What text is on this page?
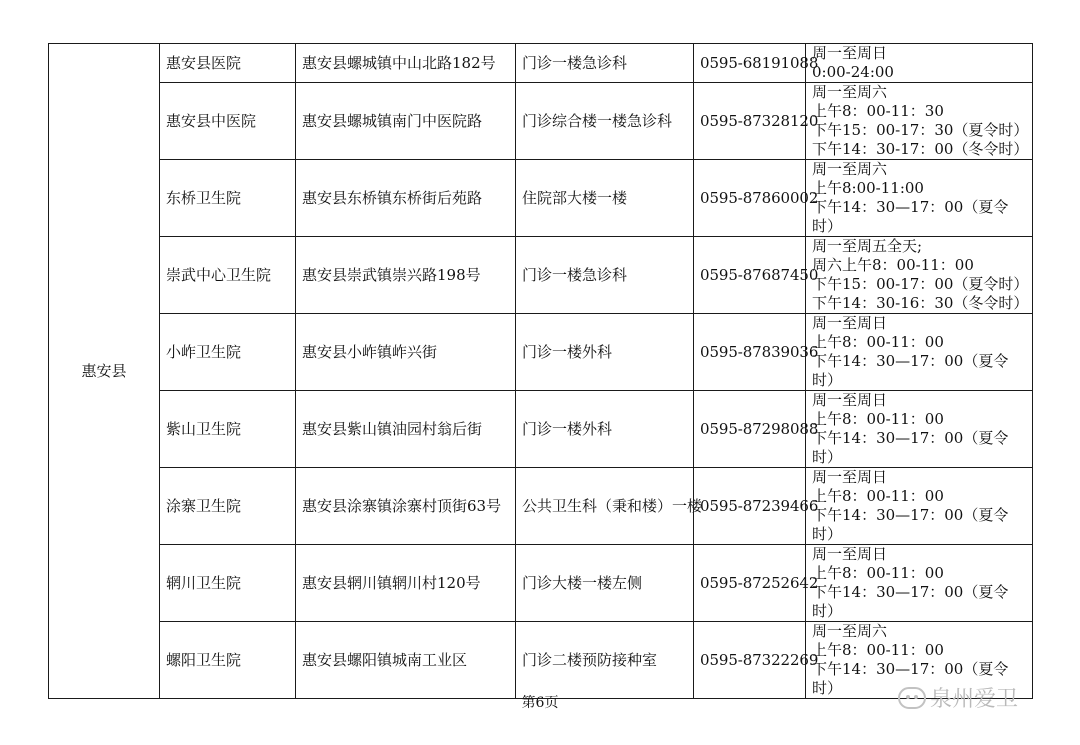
惠安县	惠安县医院	惠安县螺城镇中山北路182号	门诊一楼急诊科	0595-68191088	周一至周日
0:00-24:00

	惠安县中医院	惠安县螺城镇南门中医院路	门诊综合楼一楼急诊科	0595-87328120	周一至周六
上午8：00-11：30
下午15：00-17：30（夏令时）
下午14：30-17：00（冬令时）

	东桥卫生院	惠安县东桥镇东桥街后苑路	住院部大楼一楼	0595-87860002	周一至周六
上午8:00-11:00
下午14：30—17：00（夏令
时）

	崇武中心卫生院	惠安县崇武镇崇兴路198号	门诊一楼急诊科	0595-87687450	周一至周五全天;
周六上午8：00-11：00
下午15：00-17：00（夏令时）
下午14：30-16：30（冬令时）

	小岞卫生院	惠安县小岞镇岞兴街	门诊一楼外科	0595-87839036	周一至周日
上午8：00-11：00
下午14：30—17：00（夏令
时）

	紫山卫生院	惠安县紫山镇油园村翁后街	门诊一楼外科	0595-87298088	周一至周日
上午8：00-11：00
下午14：30—17：00（夏令
时）

	涂寨卫生院	惠安县涂寨镇涂寨村顶街63号	公共卫生科（秉和楼）一楼	0595-87239466	周一至周日
上午8：00-11：00
下午14：30—17：00（夏令
时）

	辋川卫生院	惠安县辋川镇辋川村120号	门诊大楼一楼左侧	0595-87252642	周一至周日
上午8：00-11：00
下午14：30—17：00（夏令
时）

	螺阳卫生院	惠安县螺阳镇城南工业区	门诊二楼预防接种室	0595-87322269	周一至周六
上午8：00-11：00
下午14：30—17：00（夏令
时）
第6页	泉州爱卫
